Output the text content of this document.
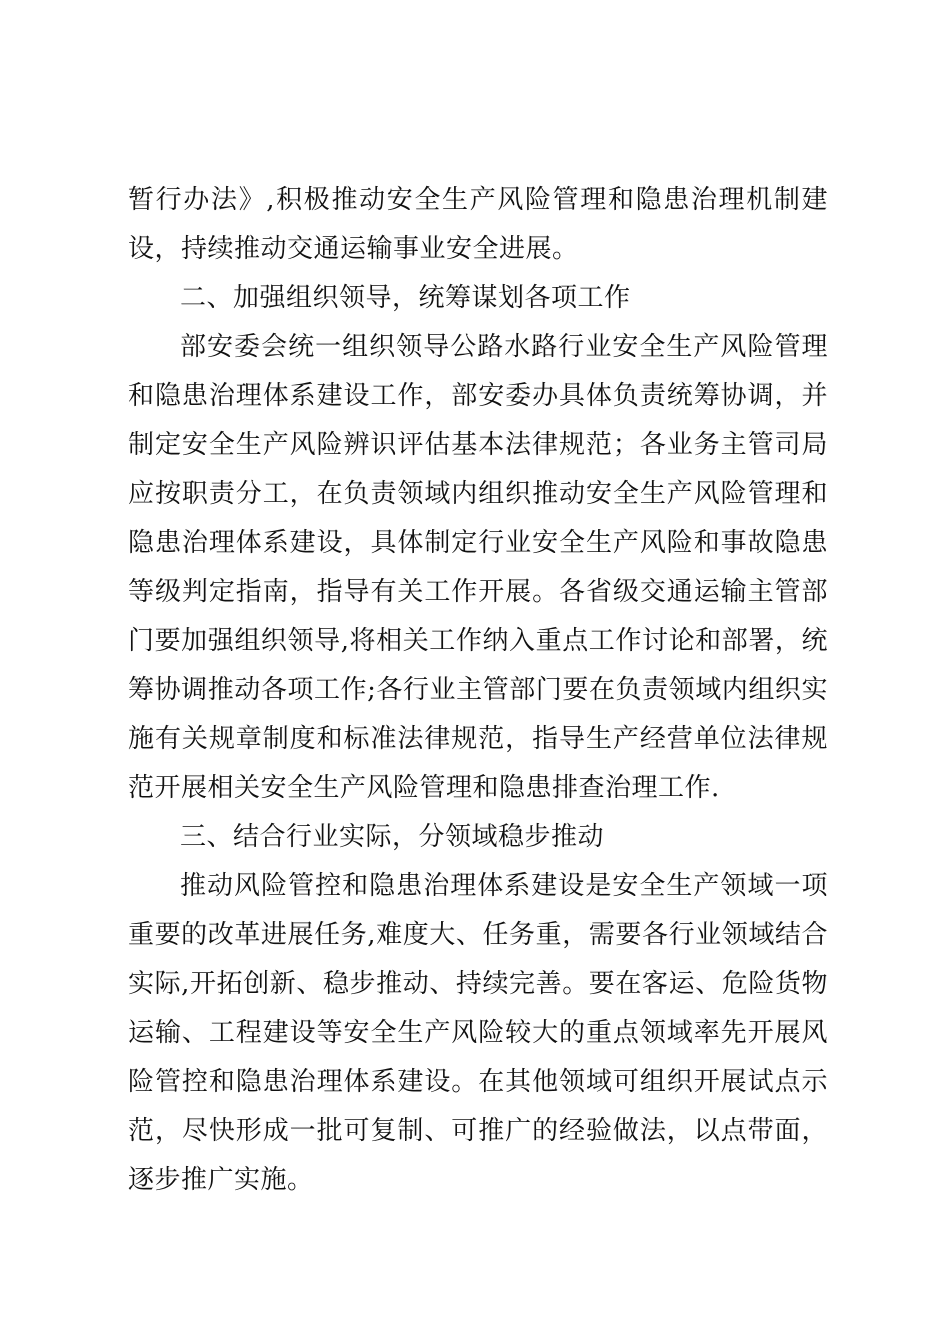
暂行办法》,积极推动安全生产风险管理和隐患治理机制建设，持续推动交通运输事业安全进展。

二、加强组织领导，统筹谋划各项工作

部安委会统一组织领导公路水路行业安全生产风险管理和隐患治理体系建设工作，部安委办具体负责统筹协调，并制定安全生产风险辨识评估基本法律规范；各业务主管司局应按职责分工，在负责领域内组织推动安全生产风险管理和隐患治理体系建设，具体制定行业安全生产风险和事故隐患等级判定指南，指导有关工作开展。各省级交通运输主管部门要加强组织领导,将相关工作纳入重点工作讨论和部署，统筹协调推动各项工作;各行业主管部门要在负责领域内组织实施有关规章制度和标准法律规范，指导生产经营单位法律规范开展相关安全生产风险管理和隐患排查治理工作.

三、结合行业实际，分领域稳步推动

推动风险管控和隐患治理体系建设是安全生产领域一项重要的改革进展任务,难度大、任务重，需要各行业领域结合实际,开拓创新、稳步推动、持续完善。要在客运、危险货物运输、工程建设等安全生产风险较大的重点领域率先开展风险管控和隐患治理体系建设。在其他领域可组织开展试点示范，尽快形成一批可复制、可推广的经验做法，以点带面，逐步推广实施。
